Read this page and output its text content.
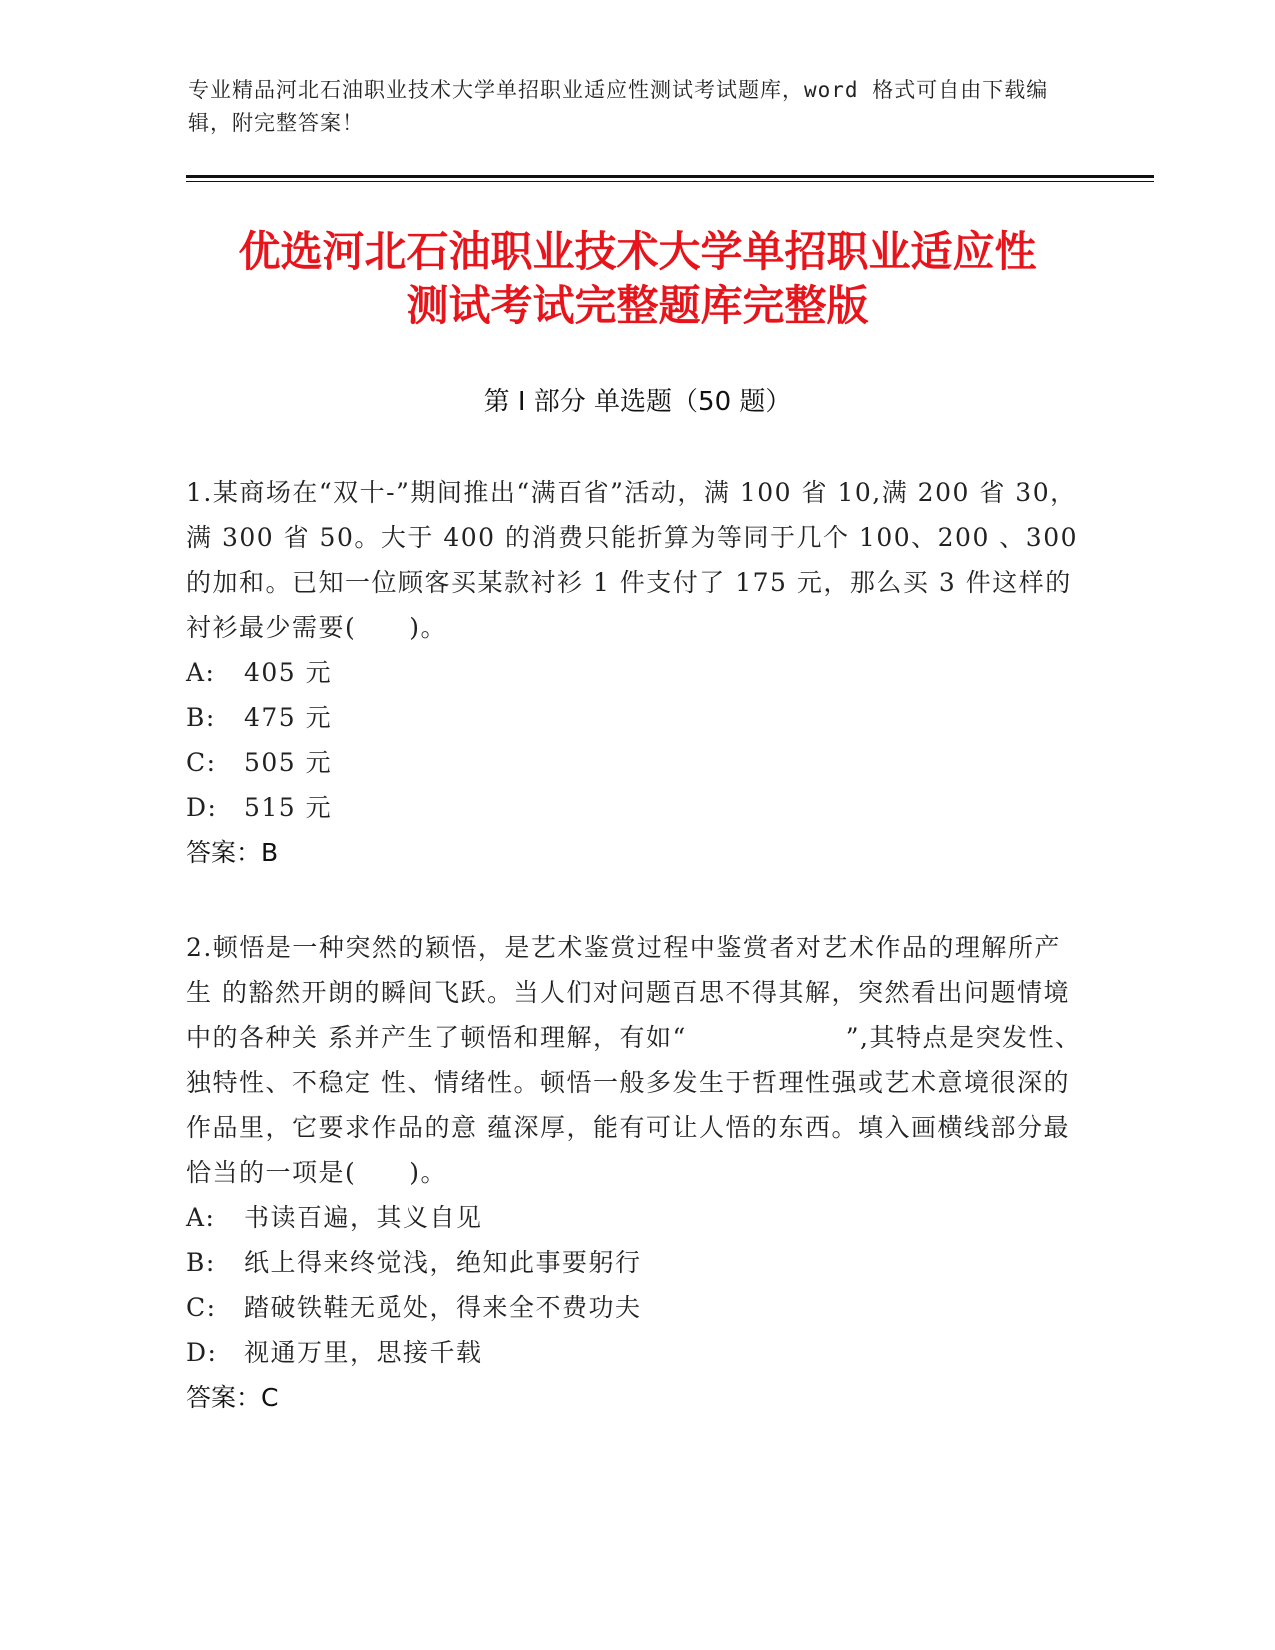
专业精品河北石油职业技术大学单招职业适应性测试考试题库，word 格式可自由下载编辑，附完整答案！
优选河北石油职业技术大学单招职业适应性
测试考试完整题库完整版
第 I 部分 单选题（50 题）
1.某商场在“双十-”期间推出“满百省”活动，满 100 省 10,满 200 省 30，满 300 省 50。大于 400 的消费只能折算为等同于几个 100、200 、300 的加和。已知一位顾客买某款衬衫 1 件支付了 175 元，那么买 3 件这样的衬衫最少需要(　　)。
A: 405 元
B: 475 元
C: 505 元
D: 515 元
答案：B
2.顿悟是一种突然的颖悟，是艺术鉴赏过程中鉴赏者对艺术作品的理解所产生 的豁然开朗的瞬间飞跃。当人们对问题百思不得其解，突然看出问题情境中的各种关 系并产生了顿悟和理解，有如“　　　　　　”,其特点是突发性、独特性、不稳定 性、情绪性。顿悟一般多发生于哲理性强或艺术意境很深的作品里，它要求作品的意 蕴深厚，能有可让人悟的东西。填入画横线部分最恰当的一项是(　　)。
A: 书读百遍，其义自见
B: 纸上得来终觉浅，绝知此事要躬行
C: 踏破铁鞋无觅处，得来全不费功夫
D: 视通万里，思接千载
答案：C
